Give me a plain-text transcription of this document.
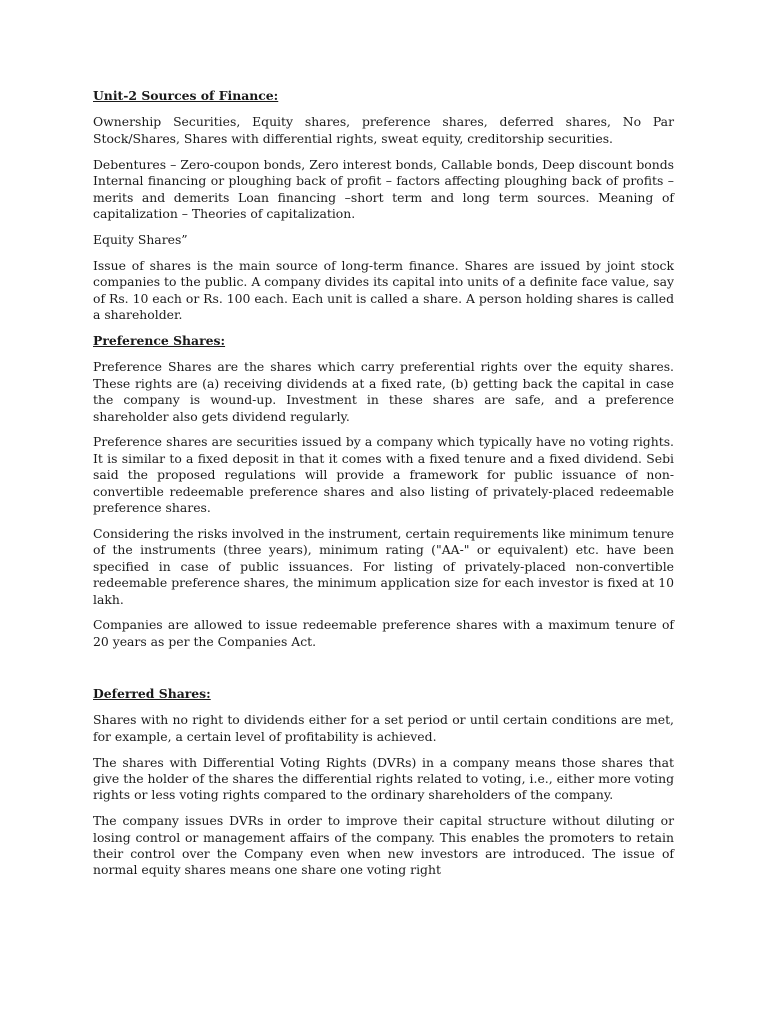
Unit-2 Sources of Finance:

Ownership Securities, Equity shares, preference shares, deferred shares, No Par Stock/Shares, Shares with differential rights, sweat equity, creditorship securities.

Debentures – Zero-coupon bonds, Zero interest bonds, Callable bonds, Deep discount bonds Internal financing or ploughing back of profit – factors affecting ploughing back of profits – merits and demerits Loan financing –short term and long term sources. Meaning of capitalization – Theories of capitalization.

Equity Shares”

Issue of shares is the main source of long-term finance. Shares are issued by joint stock companies to the public. A company divides its capital into units of a definite face value, say of Rs. 10 each or Rs. 100 each. Each unit is called a share. A person holding shares is called a shareholder.

Preference Shares:

Preference Shares are the shares which carry preferential rights over the equity shares. These rights are (a) receiving dividends at a fixed rate, (b) getting back the capital in case the company is wound-up. Investment in these shares are safe, and a preference shareholder also gets dividend regularly.

Preference shares are securities issued by a company which typically have no voting rights. It is similar to a fixed deposit in that it comes with a fixed tenure and a fixed dividend. Sebi said the proposed regulations will provide a framework for public issuance of non-convertible redeemable preference shares and also listing of privately-placed redeemable preference shares.

Considering the risks involved in the instrument, certain requirements like minimum tenure of the instruments (three years), minimum rating ("AA-" or equivalent) etc. have been specified in case of public issuances. For listing of privately-placed non-convertible redeemable preference shares, the minimum application size for each investor is fixed at 10 lakh.

Companies are allowed to issue redeemable preference shares with a maximum tenure of 20 years as per the Companies Act.

Deferred Shares:

Shares with no right to dividends either for a set period or until certain conditions are met, for example, a certain level of profitability is achieved.

The shares with Differential Voting Rights (DVRs) in a company means those shares that give the holder of the shares the differential rights related to voting, i.e., either more voting rights or less voting rights compared to the ordinary shareholders of the company.

The company issues DVRs in order to improve their capital structure without diluting or losing control or management affairs of the company. This enables the promoters to retain their control over the Company even when new investors are introduced. The issue of normal equity shares means one share one voting right
